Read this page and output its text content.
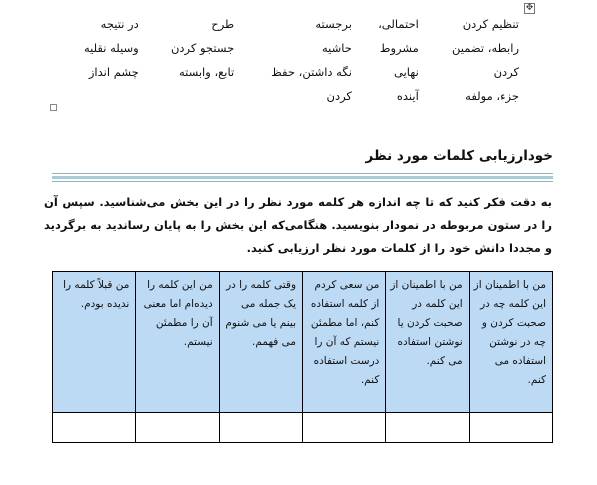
✥
تنظیم کردن	احتمالی،	برجسته	طرح	در نتیجه
رابطه، تضمین	مشروط	حاشیه	جستجو کردن	وسیله نقلیه
کردن	نهایی	نگه داشتن، حفظ	تابع، وابسته	چشم انداز
جزء، مولفه	آینده	کردن		
خودارزیابی کلمات مورد نظر

به دقت فکر کنید که تا چه اندازه هر کلمه مورد نظر را در این بخش می‌شناسید. سپس آن را در ستون مربوطه در نمودار بنویسید. هنگامی‌که این بخش را به پایان رساندید به برگردید و مجددا دانش خود را از کلمات مورد نظر ارزیابی کنید.

من با اطمینان از این کلمه چه در صحبت کردن و چه در نوشتن استفاده می کنم.	من با اطمینان از این کلمه در صحبت کردن یا نوشتن استفاده می کنم.	من سعی کردم از کلمه استفاده کنم، اما مطمئن نیستم که آن را درست استفاده کنم.	وقتی کلمه را در یک جمله می بینم یا می شنوم می فهمم.	من این کلمه را دیده‌ام اما معنی آن را مطمئن نیستم.	من قبلاً کلمه را ندیده بودم.
